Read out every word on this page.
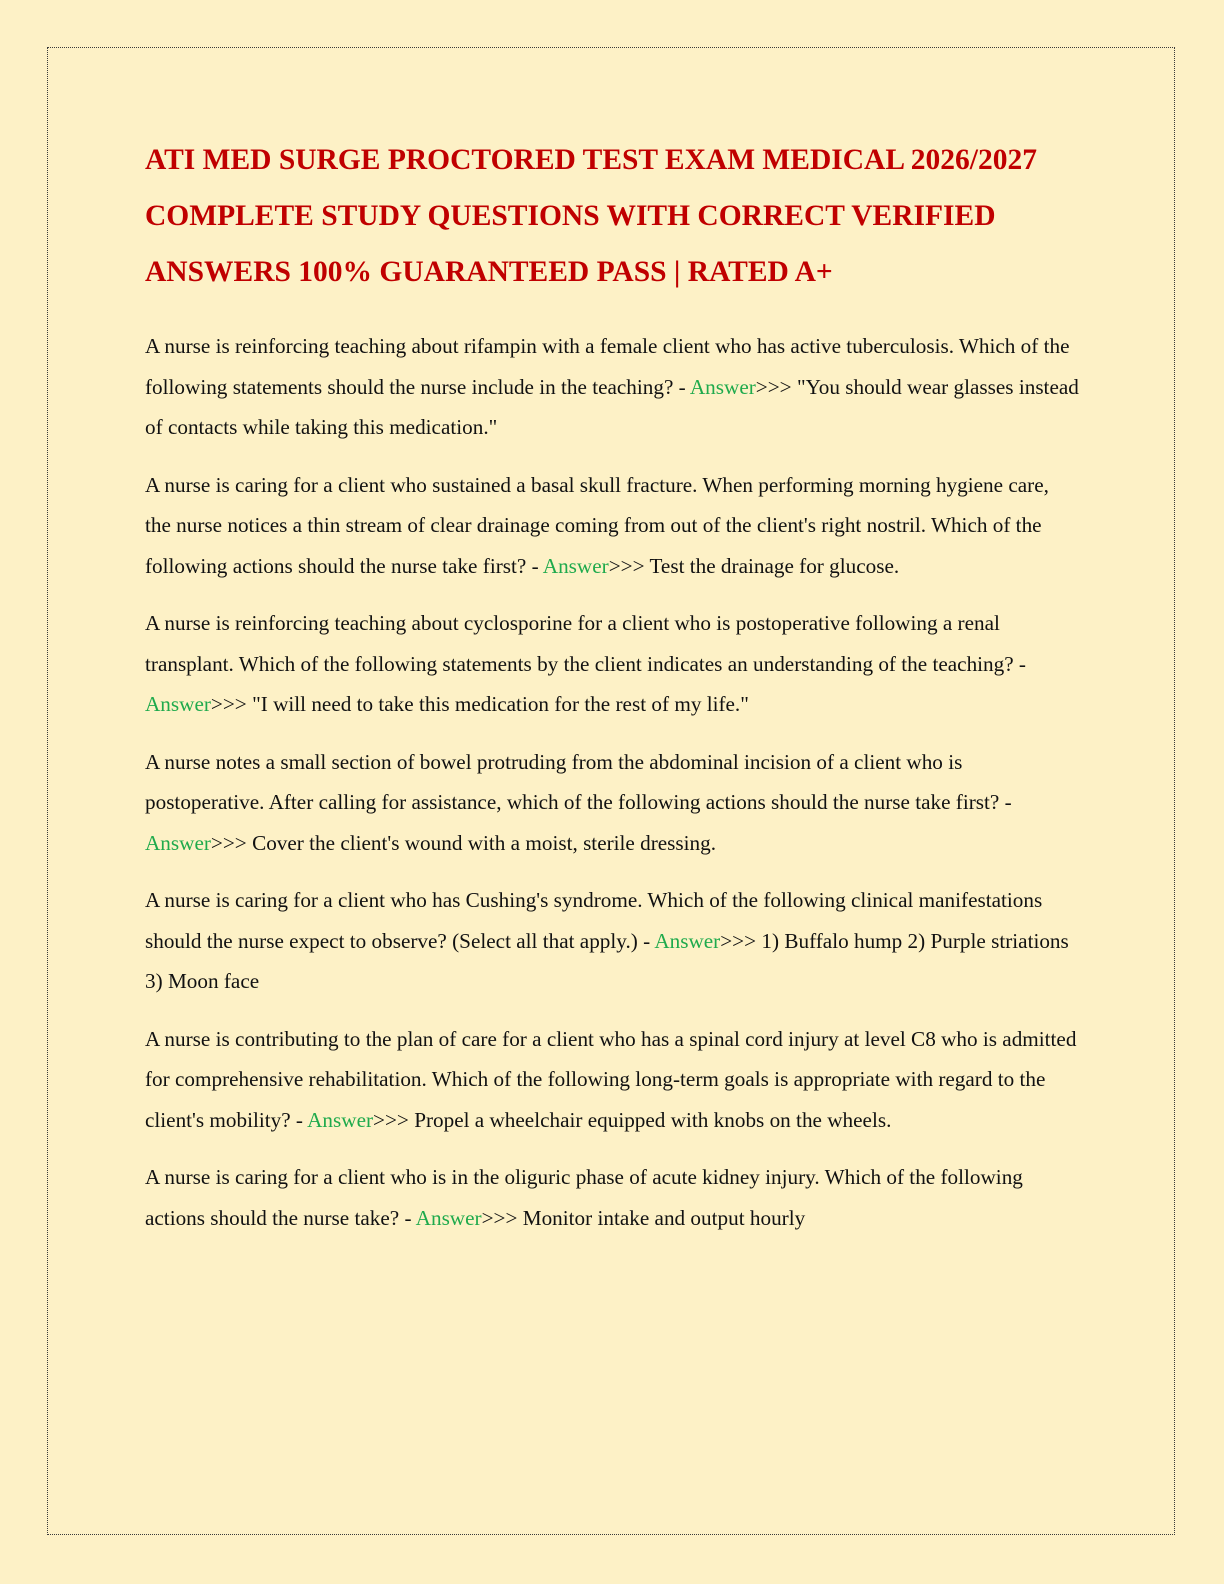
ATI MED SURGE PROCTORED TEST EXAM MEDICAL 2026/2027 COMPLETE STUDY QUESTIONS WITH CORRECT VERIFIED ANSWERS 100% GUARANTEED PASS | RATED A+

A nurse is reinforcing teaching about rifampin with a female client who has active tuberculosis. Which of the following statements should the nurse include in the teaching? - Answer>>> "You should wear glasses instead of contacts while taking this medication."

A nurse is caring for a client who sustained a basal skull fracture. When performing morning hygiene care, the nurse notices a thin stream of clear drainage coming from out of the client's right nostril. Which of the following actions should the nurse take first? - Answer>>> Test the drainage for glucose.

A nurse is reinforcing teaching about cyclosporine for a client who is postoperative following a renal transplant. Which of the following statements by the client indicates an understanding of the teaching? - Answer>>> "I will need to take this medication for the rest of my life."

A nurse notes a small section of bowel protruding from the abdominal incision of a client who is postoperative. After calling for assistance, which of the following actions should the nurse take first? - Answer>>> Cover the client's wound with a moist, sterile dressing.

A nurse is caring for a client who has Cushing's syndrome. Which of the following clinical manifestations should the nurse expect to observe? (Select all that apply.) - Answer>>> 1) Buffalo hump 2) Purple striations 3) Moon face

A nurse is contributing to the plan of care for a client who has a spinal cord injury at level C8 who is admitted for comprehensive rehabilitation. Which of the following long-term goals is appropriate with regard to the client's mobility? - Answer>>> Propel a wheelchair equipped with knobs on the wheels.

A nurse is caring for a client who is in the oliguric phase of acute kidney injury. Which of the following actions should the nurse take? - Answer>>> Monitor intake and output hourly
